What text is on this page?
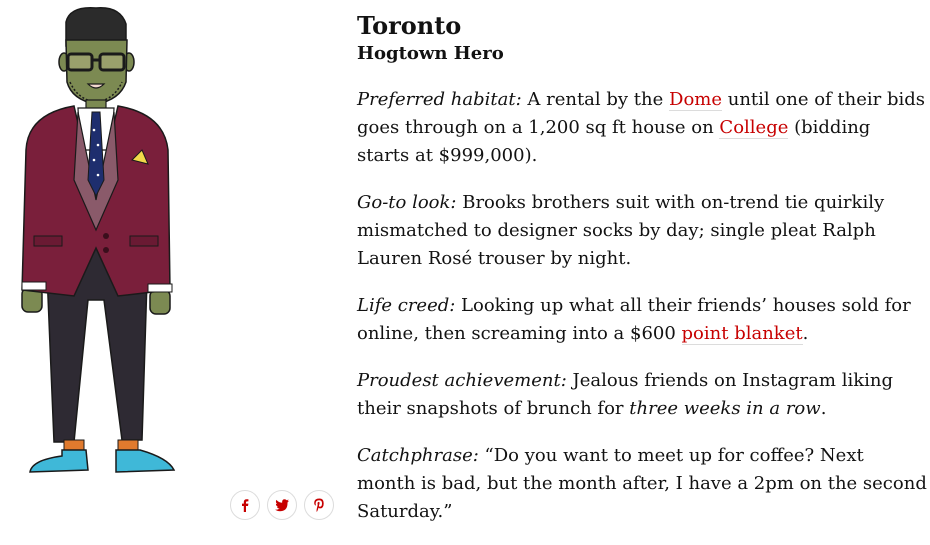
Toronto
Hogtown Hero

Preferred habitat: A rental by the Dome until one of their bids goes through on a 1,200 sq ft house on College (bidding starts at $999,000).

Go-to look: Brooks brothers suit with on-trend tie quirkily mismatched to designer socks by day; single pleat Ralph Lauren Rosé trouser by night.

Life creed: Looking up what all their friends’ houses sold for online, then screaming into a $600 point blanket.

Proudest achievement: Jealous friends on Instagram liking their snapshots of brunch for three weeks in a row.

Catchphrase: “Do you want to meet up for coffee? Next month is bad, but the month after, I have a 2pm on the second Saturday.”
